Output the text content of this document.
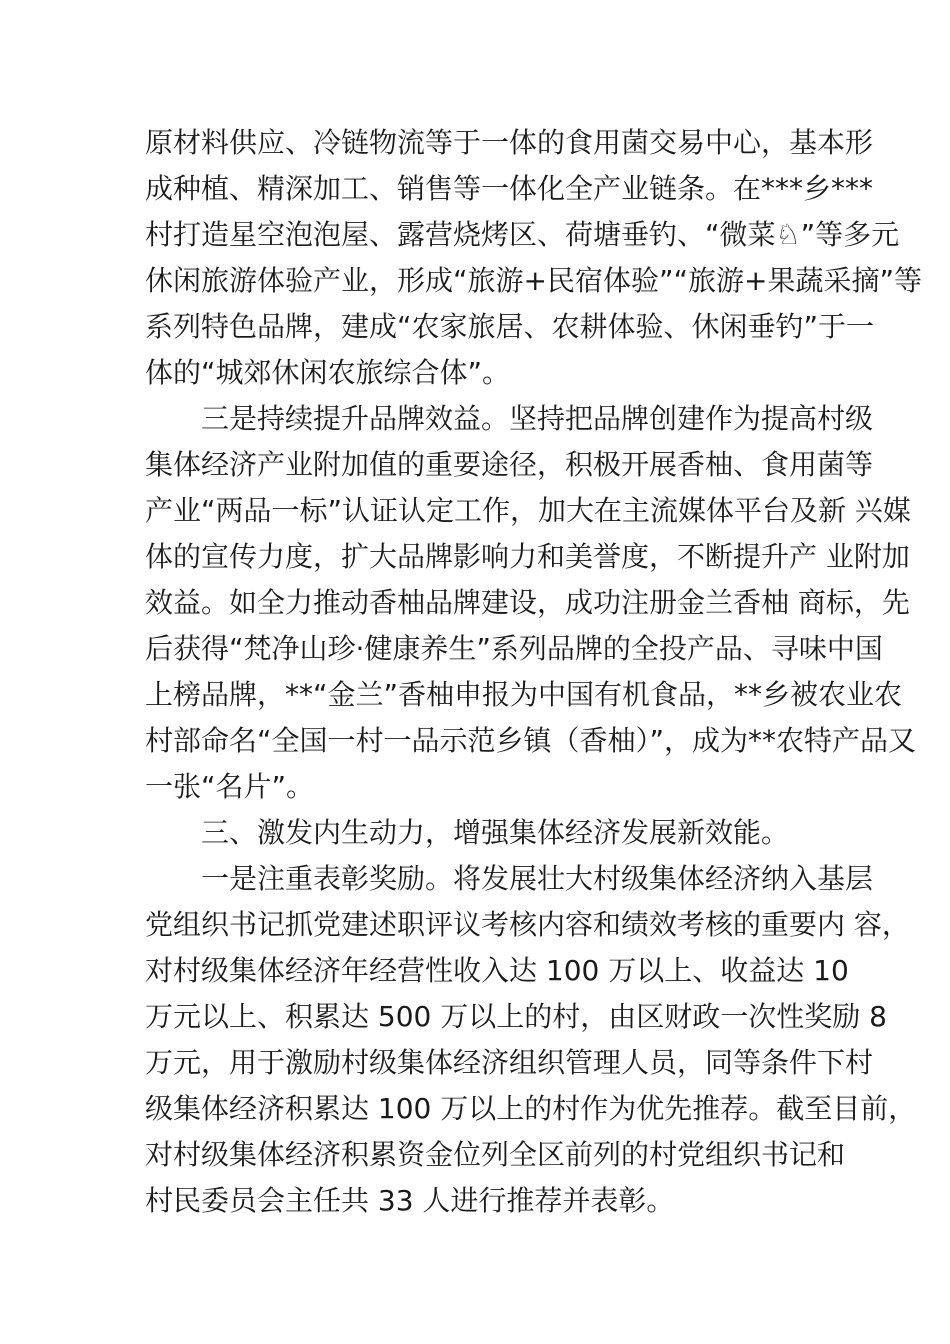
原材料供应、冷链物流等于一体的食用菌交易中心，基本形
成种植、精深加工、销售等一体化全产业链条。在***乡***
村打造星空泡泡屋、露营烧烤区、荷塘垂钓、“微菜♘”等多元
休闲旅游体验产业，形成“旅游+民宿体验”“旅游+果蔬采摘”等
系列特色品牌，建成“农家旅居、农耕体验、休闲垂钓”于一
体的“城郊休闲农旅综合体”。
三是持续提升品牌效益。坚持把品牌创建作为提高村级
集体经济产业附加值的重要途径，积极开展香柚、食用菌等
产业“两品一标”认证认定工作，加大在主流媒体平台及新 兴媒
体的宣传力度，扩大品牌影响力和美誉度，不断提升产 业附加
效益。如全力推动香柚品牌建设，成功注册金兰香柚 商标，先
后获得“梵净山珍·健康养生”系列品牌的全投产品、寻味中国
上榜品牌，**“金兰”香柚申报为中国有机食品，**乡被农业农
村部命名“全国一村一品示范乡镇（香柚）”，成为**农特产品又
一张“名片”。
三、激发内生动力，增强集体经济发展新效能。
一是注重表彰奖励。将发展壮大村级集体经济纳入基层
党组织书记抓党建述职评议考核内容和绩效考核的重要内 容，
对村级集体经济年经营性收入达 100 万以上、收益达 10
万元以上、积累达 500 万以上的村，由区财政一次性奖励 8
万元，用于激励村级集体经济组织管理人员，同等条件下村
级集体经济积累达 100 万以上的村作为优先推荐。截至目前，
对村级集体经济积累资金位列全区前列的村党组织书记和
村民委员会主任共 33 人进行推荐并表彰。
